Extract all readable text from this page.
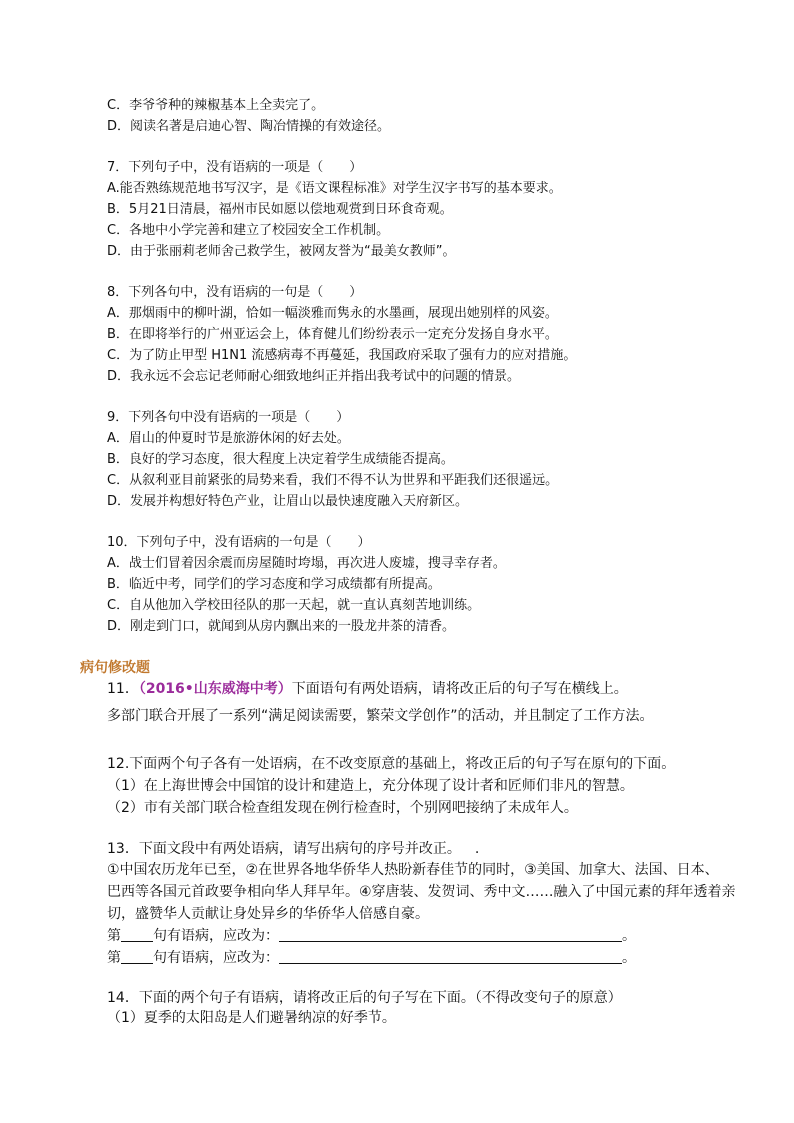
C．李爷爷种的辣椒基本上全卖完了。
D．阅读名著是启迪心智、陶冶情操的有效途径。
7．下列句子中，没有语病的一项是（　　）
A.能否熟练规范地书写汉字，是《语文课程标准》对学生汉字书写的基本要求。
B．5月21日清晨，福州市民如愿以偿地观赏到日环食奇观。
C．各地中小学完善和建立了校园安全工作机制。
D．由于张丽莉老师舍己救学生，被网友誉为“最美女教师”。
8．下列各句中，没有语病的一句是（　　）
A．那烟雨中的柳叶湖，恰如一幅淡雅而隽永的水墨画，展现出她别样的风姿。
B．在即将举行的广州亚运会上，体育健儿们纷纷表示一定充分发扬自身水平。
C．为了防止甲型 H1N1 流感病毒不再蔓延，我国政府采取了强有力的应对措施。
D．我永远不会忘记老师耐心细致地纠正并指出我考试中的问题的情景。
9．下列各句中没有语病的一项是（　　）
A．眉山的仲夏时节是旅游休闲的好去处。
B．良好的学习态度，很大程度上决定着学生成绩能否提高。
C．从叙利亚目前紧张的局势来看，我们不得不认为世界和平距我们还很遥远。
D．发展并构想好特色产业，让眉山以最快速度融入天府新区。
10．下列句子中，没有语病的一句是（　　）
A．战士们冒着因余震而房屋随时垮塌，再次进人废墟，搜寻幸存者。
B．临近中考，同学们的学习态度和学习成绩都有所提高。
C．自从他加入学校田径队的那一天起，就一直认真刻苦地训练。
D．刚走到门口，就闻到从房内飘出来的一股龙井茶的清香。
病句修改题
11．（2016•山东威海中考）下面语句有两处语病，请将改正后的句子写在横线上。
多部门联合开展了一系列“满足阅读需要，繁荣文学创作”的活动，并且制定了工作方法。
12.下面两个句子各有一处语病，在不改变原意的基础上，将改正后的句子写在原句的下面。
（1）在上海世博会中国馆的设计和建造上，充分体现了设计者和匠师们非凡的智慧。
（2）市有关部门联合检查组发现在例行检查时，个别网吧接纳了未成年人。
13．下面文段中有两处语病，请写出病句的序号并改正。 .
①中国农历龙年已至，②在世界各地华侨华人热盼新春佳节的同时，③美国、加拿大、法国、日本、
巴西等各国元首政要争相向华人拜早年。④穿唐装、发贺词、秀中文……融入了中国元素的拜年透着亲
切，盛赞华人贡献让身处异乡的华侨华人倍感自豪。
第 句有语病，应改为：	。
第 句有语病，应改为：	。
14．下面的两个句子有语病，请将改正后的句子写在下面。（不得改变句子的原意）
（1）夏季的太阳岛是人们避暑纳凉的好季节。
